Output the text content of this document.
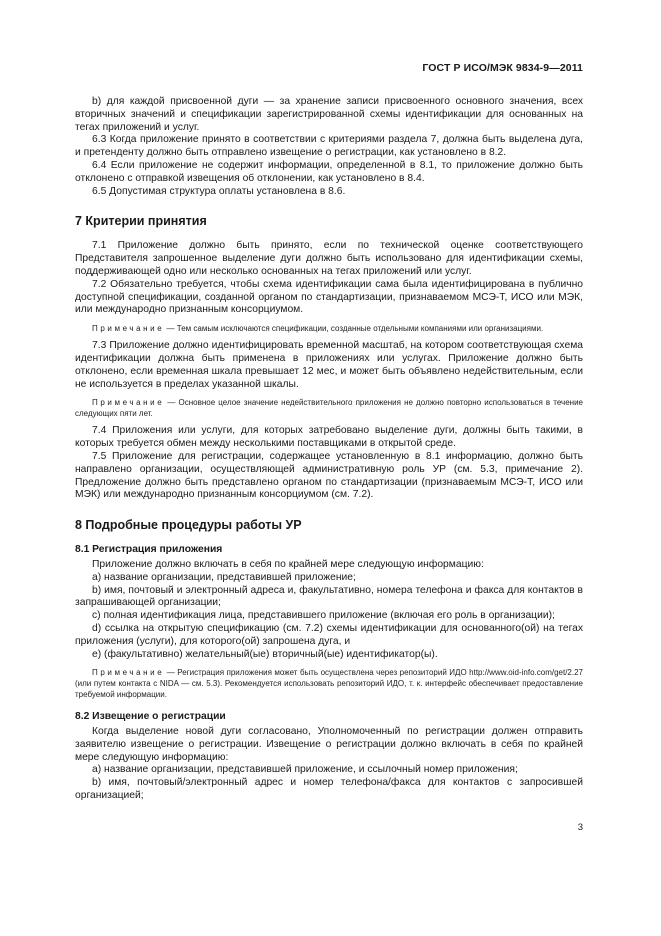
ГОСТ Р ИСО/МЭК 9834-9—2011

b) для каждой присвоенной дуги — за хранение записи присвоенного основного значения, всех вторичных значений и спецификации зарегистрированной схемы идентификации для основанных на тегах приложений и услуг.

6.3 Когда приложение принято в соответствии с критериями раздела 7, должна быть выделена дуга, и претенденту должно быть отправлено извещение о регистрации, как установлено в 8.2.

6.4 Если приложение не содержит информации, определенной в 8.1, то приложение должно быть отклонено с отправкой извещения об отклонении, как установлено в 8.4.

6.5 Допустимая структура оплаты установлена в 8.6.

7 Критерии принятия

7.1 Приложение должно быть принято, если по технической оценке соответствующего Представителя запрошенное выделение дуги должно быть использовано для идентификации схемы, поддерживающей одно или несколько основанных на тегах приложений или услуг.

7.2 Обязательно требуется, чтобы схема идентификации сама была идентифицирована в публично доступной спецификации, созданной органом по стандартизации, признаваемом МСЭ-Т, ИСО или МЭК, или международно признанным консорциумом.

Примечание — Тем самым исключаются спецификации, созданные отдельными компаниями или организациями.

7.3 Приложение должно идентифицировать временной масштаб, на котором соответствующая схема идентификации должна быть применена в приложениях или услугах. Приложение должно быть отклонено, если временная шкала превышает 12 мес, и может быть объявлено недействительным, если не используется в пределах указанной шкалы.

Примечание — Основное целое значение недействительного приложения не должно повторно использоваться в течение следующих пяти лет.

7.4 Приложения или услуги, для которых затребовано выделение дуги, должны быть такими, в которых требуется обмен между несколькими поставщиками в открытой среде.

7.5 Приложение для регистрации, содержащее установленную в 8.1 информацию, должно быть направлено организации, осуществляющей административную роль УР (см. 5.3, примечание 2). Предложение должно быть представлено органом по стандартизации (признаваемым МСЭ-Т, ИСО или МЭК) или международно признанным консорциумом (см. 7.2).

8 Подробные процедуры работы УР
8.1 Регистрация приложения

Приложение должно включать в себя по крайней мере следующую информацию:

a) название организации, представившей приложение;

b) имя, почтовый и электронный адреса и, факультативно, номера телефона и факса для контактов в запрашивающей организации;

c) полная идентификация лица, представившего приложение (включая его роль в организации);

d) ссылка на открытую спецификацию (см. 7.2) схемы идентификации для основанного(ой) на тегах приложения (услуги), для которого(ой) запрошена дуга, и

e) (факультативно) желательный(ые) вторичный(ые) идентификатор(ы).

Примечание — Регистрация приложения может быть осуществлена через репозиторий ИДО http://www.oid-info.com/get/2.27 (или путем контакта с NIDA — см. 5.3). Рекомендуется использовать репозиторий ИДО, т. к. интерфейс обеспечивает предоставление требуемой информации.

8.2 Извещение о регистрации

Когда выделение новой дуги согласовано, Уполномоченный по регистрации должен отправить заявителю извещение о регистрации. Извещение о регистрации должно включать в себя по крайней мере следующую информацию:

a) название организации, представившей приложение, и ссылочный номер приложения;

b) имя, почтовый/электронный адрес и номер телефона/факса для контактов с запросившей организацией;

3
